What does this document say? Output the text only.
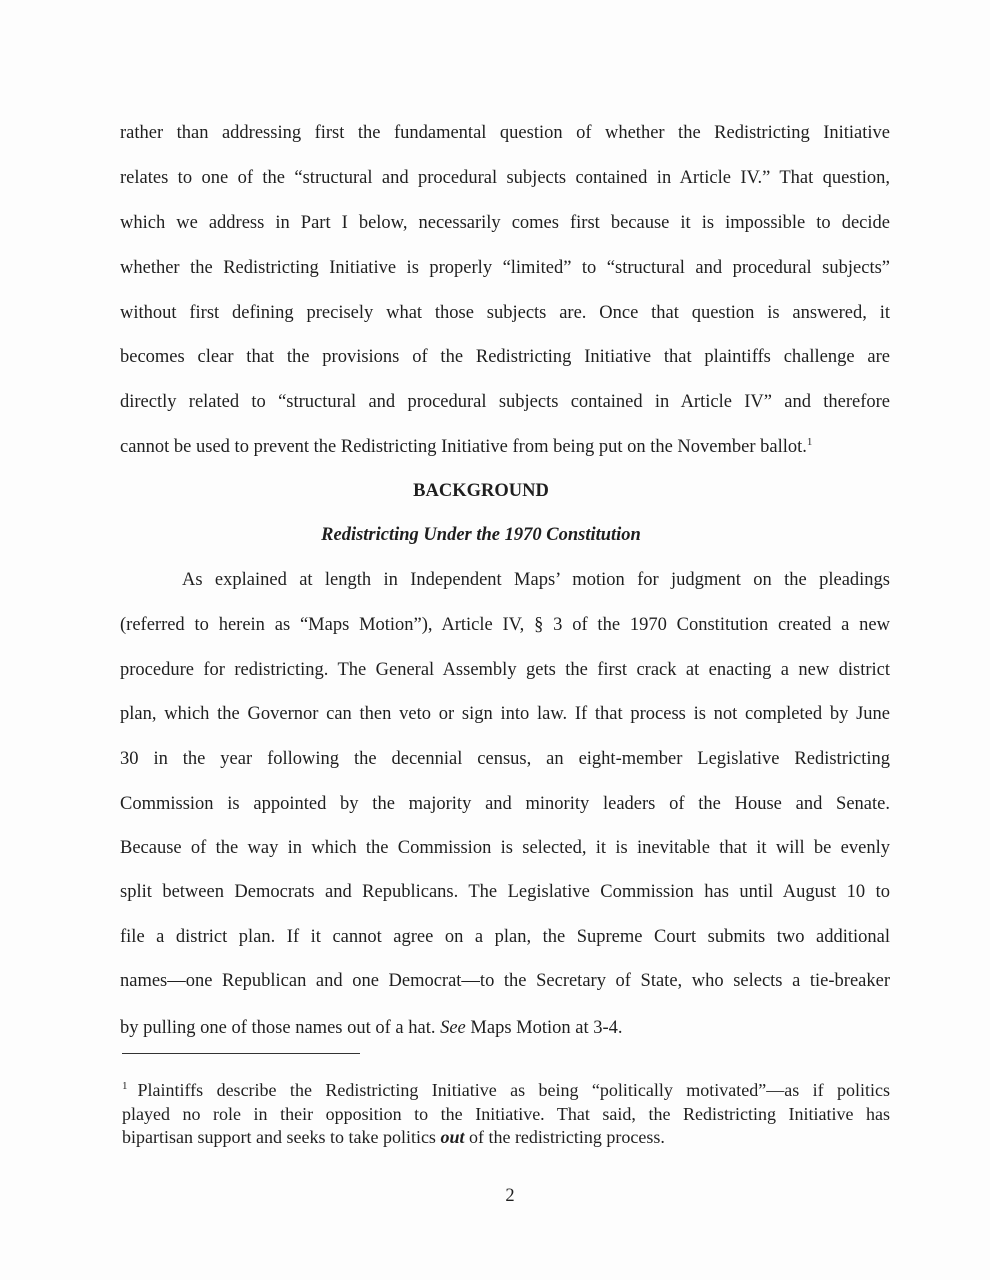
rather than addressing first the fundamental question of whether the Redistricting Initiative
relates to one of the “structural and procedural subjects contained in Article IV.” That question,
which we address in Part I below, necessarily comes first because it is impossible to decide
whether the Redistricting Initiative is properly “limited” to “structural and procedural subjects”
without first defining precisely what those subjects are. Once that question is answered, it
becomes clear that the provisions of the Redistricting Initiative that plaintiffs challenge are
directly related to “structural and procedural subjects contained in Article IV” and therefore
cannot be used to prevent the Redistricting Initiative from being put on the November ballot.$^1$
BACKGROUND
Redistricting Under the 1970 Constitution
As explained at length in Independent Maps’ motion for judgment on the pleadings
(referred to herein as “Maps Motion”), Article IV, § 3 of the 1970 Constitution created a new
procedure for redistricting. The General Assembly gets the first crack at enacting a new district
plan, which the Governor can then veto or sign into law. If that process is not completed by June
30 in the year following the decennial census, an eight-member Legislative Redistricting
Commission is appointed by the majority and minority leaders of the House and Senate.
Because of the way in which the Commission is selected, it is inevitable that it will be evenly
split between Democrats and Republicans. The Legislative Commission has until August 10 to
file a district plan. If it cannot agree on a plan, the Supreme Court submits two additional
names—one Republican and one Democrat—to the Secretary of State, who selects a tie-breaker
by pulling one of those names out of a hat. See Maps Motion at 3-4.
$^1$ Plaintiffs describe the Redistricting Initiative as being “politically motivated”—as if politics
played no role in their opposition to the Initiative. That said, the Redistricting Initiative has
bipartisan support and seeks to take politics out of the redistricting process.
2
